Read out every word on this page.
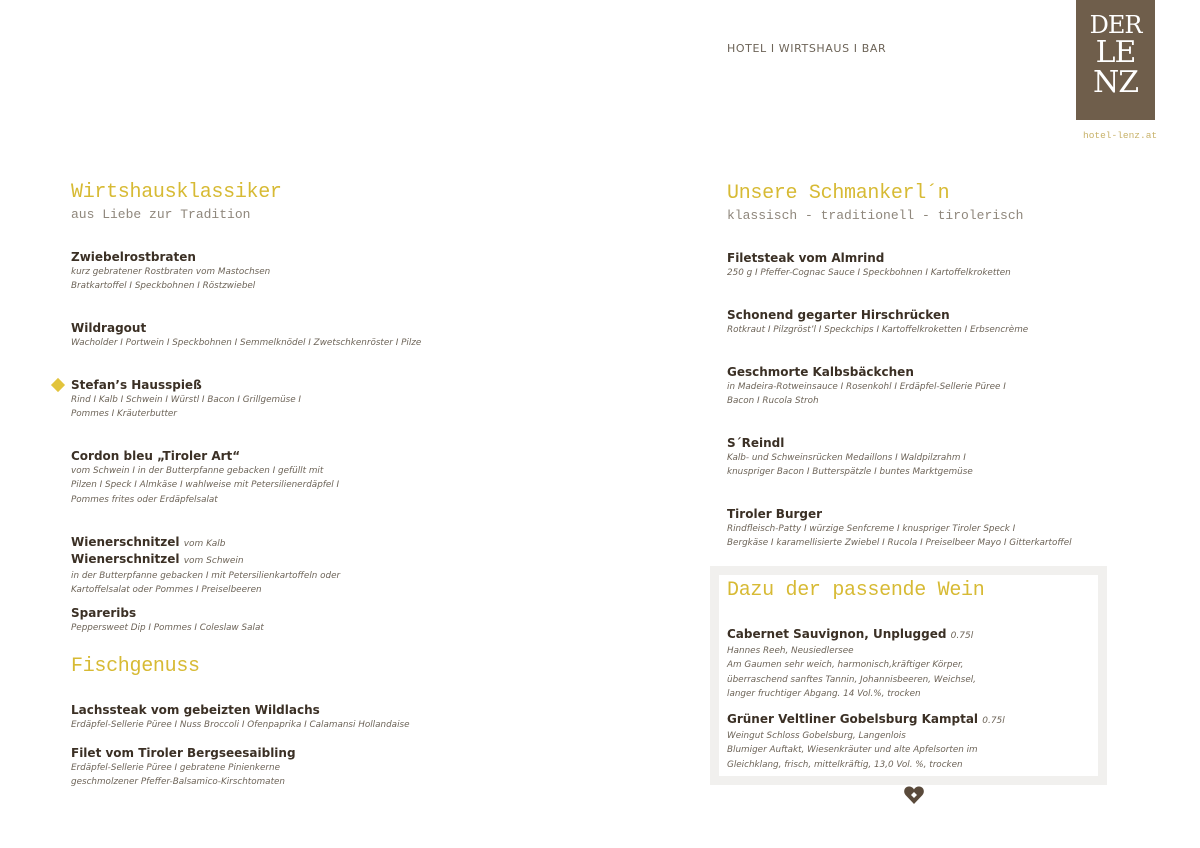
HOTEL I WIRTSHAUS I BAR
DER
LE
NZ
hotel-lenz.at
Wirtshausklassiker
aus Liebe zur Tradition
Zwiebelrostbraten
kurz gebratener Rostbraten vom Mastochsen
Bratkartoffel I Speckbohnen I Röstzwiebel
Wildragout
Wacholder I Portwein I Speckbohnen I Semmelknödel I Zwetschkenröster I Pilze
Stefan’s Hausspieß
Rind I Kalb I Schwein I Würstl I Bacon I Grillgemüse I
Pommes I Kräuterbutter
Cordon bleu „Tiroler Art“
vom Schwein I in der Butterpfanne gebacken I gefüllt mit
Pilzen I Speck I Almkäse I wahlweise mit Petersilienerdäpfel I
Pommes frites oder Erdäpfelsalat
Wienerschnitzel vom Kalb
Wienerschnitzel vom Schwein
in der Butterpfanne gebacken I mit Petersilienkartoffeln oder
Kartoffelsalat oder Pommes I Preiselbeeren
Spareribs
Peppersweet Dip I Pommes I Coleslaw Salat
Fischgenuss
Lachssteak vom gebeizten Wildlachs
Erdäpfel-Sellerie Püree I Nuss Broccoli I Ofenpaprika I Calamansi Hollandaise
Filet vom Tiroler Bergseesaibling
Erdäpfel-Sellerie Püree I gebratene Pinienkerne
geschmolzener Pfeffer-Balsamico-Kirschtomaten
Unsere Schmankerl´n
klassisch - traditionell - tirolerisch
Filetsteak vom Almrind
250 g I Pfeffer-Cognac Sauce I Speckbohnen I Kartoffelkroketten
Schonend gegarter Hirschrücken
Rotkraut I Pilzgröst’l I Speckchips I Kartoffelkroketten I Erbsencrème
Geschmorte Kalbsbäckchen
in Madeira-Rotweinsauce I Rosenkohl I Erdäpfel-Sellerie Püree I
Bacon I Rucola Stroh
S´Reindl
Kalb- und Schweinsrücken Medaillons I Waldpilzrahm I
knuspriger Bacon I Butterspätzle I buntes Marktgemüse
Tiroler Burger
Rindfleisch-Patty I würzige Senfcreme I knuspriger Tiroler Speck I
Bergkäse I karamellisierte Zwiebel I Rucola I Preiselbeer Mayo I Gitterkartoffel
Dazu der passende Wein
Cabernet Sauvignon, Unplugged 0.75l
Hannes Reeh, Neusiedlersee
Am Gaumen sehr weich, harmonisch,kräftiger Körper,
überraschend sanftes Tannin, Johannisbeeren, Weichsel,
langer fruchtiger Abgang. 14 Vol.%, trocken
Grüner Veltliner Gobelsburg Kamptal 0.75l
Weingut Schloss Gobelsburg, Langenlois
Blumiger Auftakt, Wiesenkräuter und alte Apfelsorten im
Gleichklang, frisch, mittelkräftig, 13,0 Vol. %, trocken
